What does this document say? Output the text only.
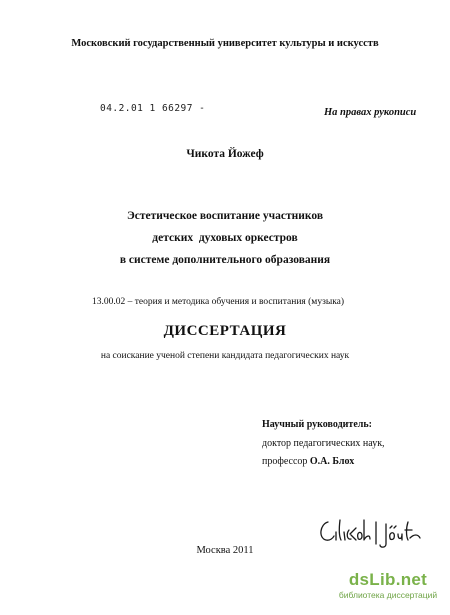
Московский государственный университет культуры и искусств
04.2.01 1 66297 -	На правах рукописи
Чикота Йожеф
Эстетическое воспитание участников
детских  духовых оркестров
в системе дополнительного образования
13.00.02 – теория и методика обучения и воспитания (музыка)
ДИССЕРТАЦИЯ
на соискание ученой степени кандидата педагогических наук
Научный руководитель:
доктор педагогических наук,
профессор О.А. Блох
Москва 2011
dsLib.net
библиотека диссертаций
